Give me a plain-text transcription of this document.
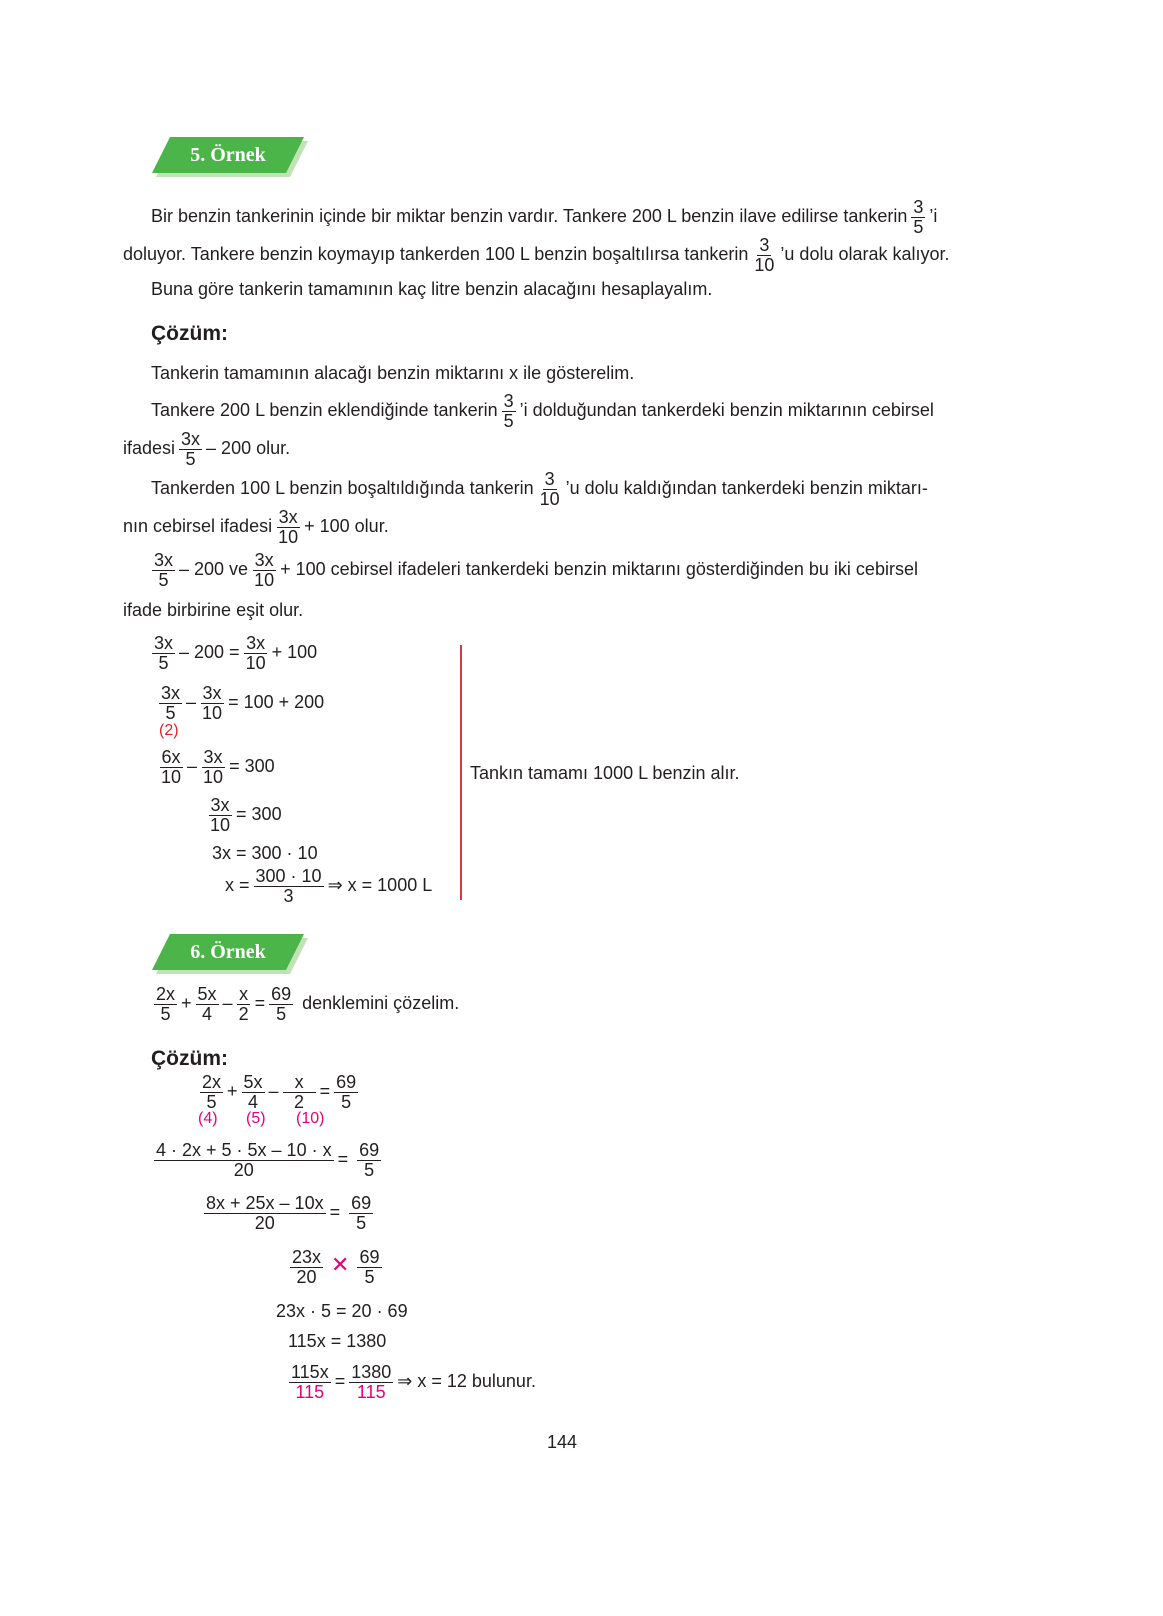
5. Örnek
Bir benzin tankerinin içinde bir miktar benzin vardır. Tankere 200 L benzin ilave edilirse tankerin $\frac{3}{5}$ ’i
doluyor. Tankere benzin koymayıp tankerden 100 L benzin boşaltılırsa tankerin $\frac{3}{10}$ ’u dolu olarak kalıyor.
Buna göre tankerin tamamının kaç litre benzin alacağını hesaplayalım.
Çözüm:
Tankerin tamamının alacağı benzin miktarını x ile gösterelim.
Tankere 200 L benzin eklendiğinde tankerin $\frac{3}{5}$ ’i dolduğundan tankerdeki benzin miktarının cebirsel
ifadesi $\frac{3x}{5} - 200$ olur.
Tankerden 100 L benzin boşaltıldığında tankerin $\frac{3}{10}$ ’u dolu kaldığından tankerdeki benzin miktarı-
nın cebirsel ifadesi $\frac{3x}{10} + 100$ olur.
$\frac{3x}{5} - 200$ ve $\frac{3x}{10} + 100$ cebirsel ifadeleri tankerdeki benzin miktarını gösterdiğinden bu iki cebirsel
ifade birbirine eşit olur.
$\frac{3x}{5} - 200 = \frac{3x}{10} + 100$
$\frac{3x}{5} - \frac{3x}{10} = 100 + 200$
(2)
$\frac{6x}{10} - \frac{3x}{10} = 300$
$\frac{3x}{10} = 300$
3x = 300 · 10
$x = \frac{300 \cdot 10}{3}$ ⇒ x = 1000 L
Tankın tamamı 1000 L benzin alır.
6. Örnek
$\frac{2x}{5} + \frac{5x}{4} - \frac{x}{2} = \frac{69}{5}$ denklemini çözelim.
Çözüm:
$\frac{2x}{5} + \frac{5x}{4} - \frac{x}{2} = \frac{69}{5}$
(4) (5) (10)
$\frac{4 \cdot 2x + 5 \cdot 5x - 10 \cdot x}{20} = \frac{69}{5}$
$\frac{8x + 25x - 10x}{20} = \frac{69}{5}$
$\frac{23x}{20}$ ✕ $\frac{69}{5}$
23x · 5 = 20 · 69
115x = 1380
$\frac{115x}{115} = \frac{1380}{115}$ ⇒ x = 12 bulunur.
144
